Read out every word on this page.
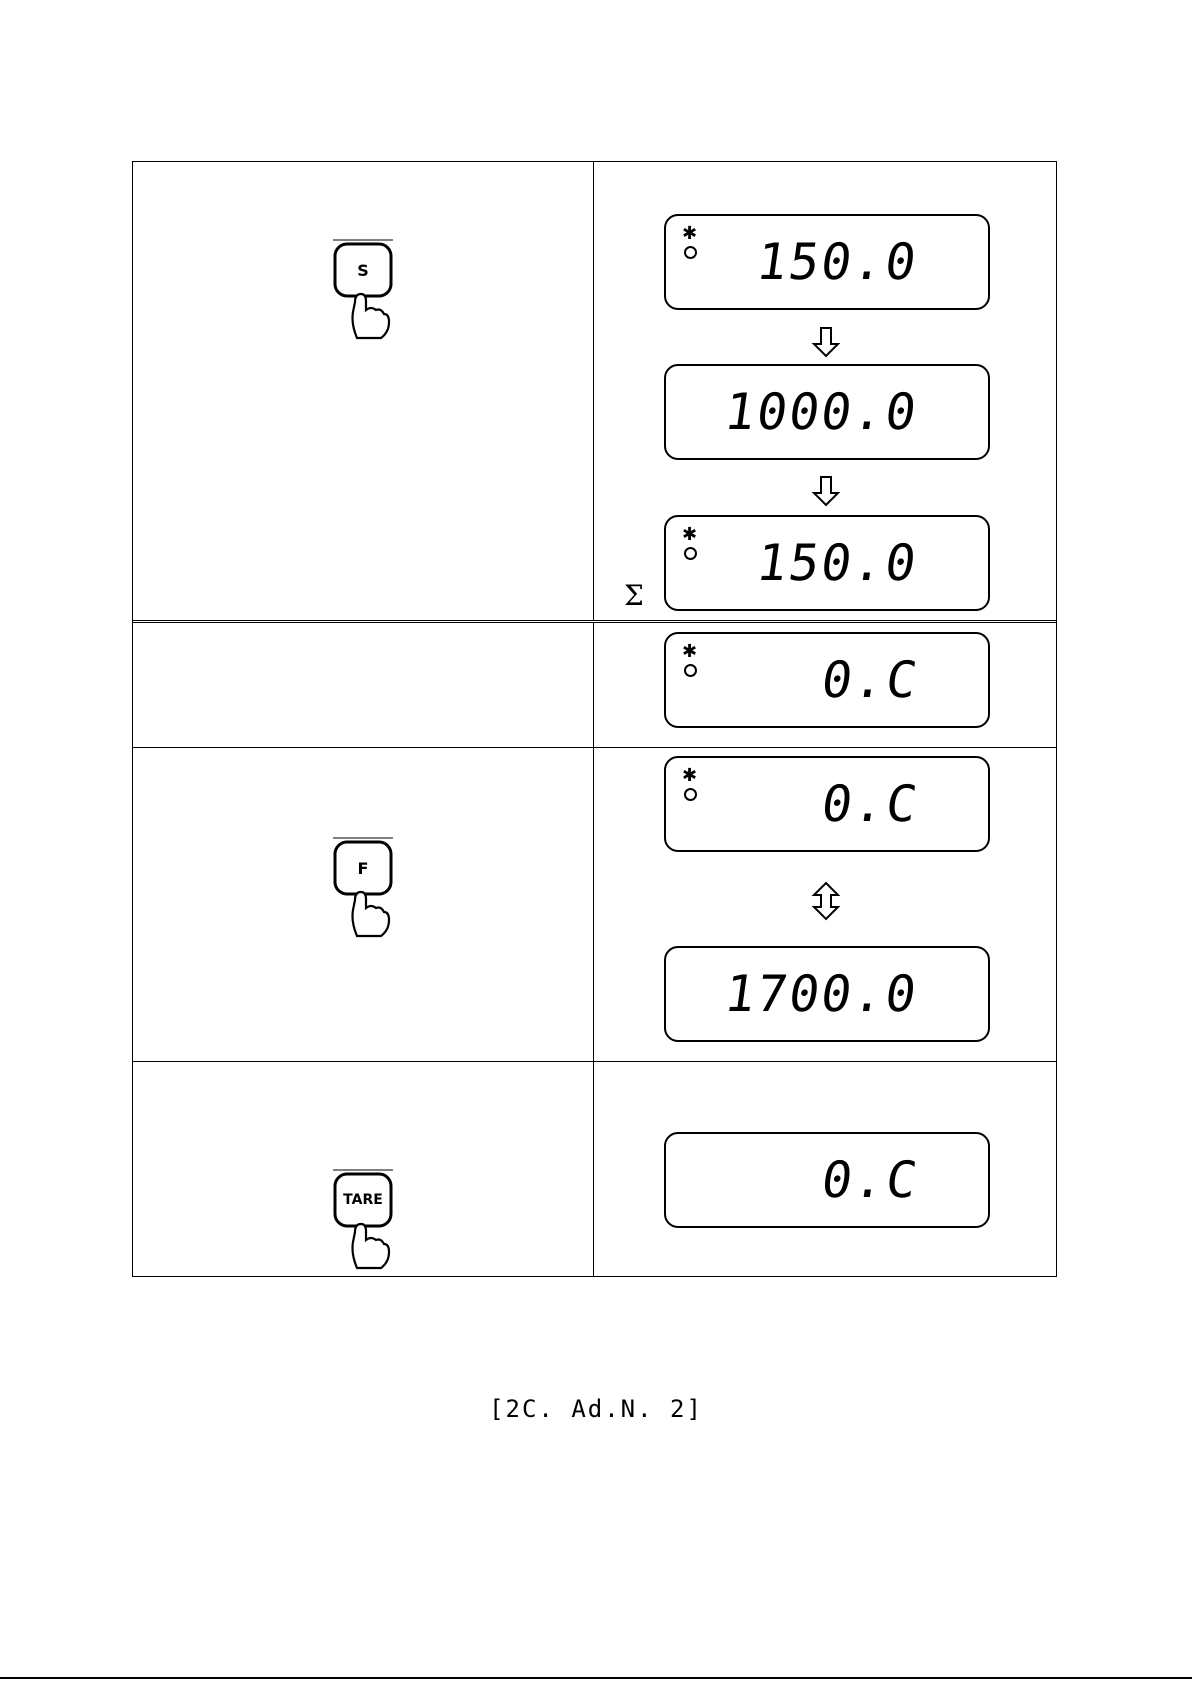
S
Σ
✱ 150.0
1000.0
✱ 150.0
✱ 0.C
F
✱ 0.C
1700.0
TARE	0.C
[2C. Ad.N. 2]
